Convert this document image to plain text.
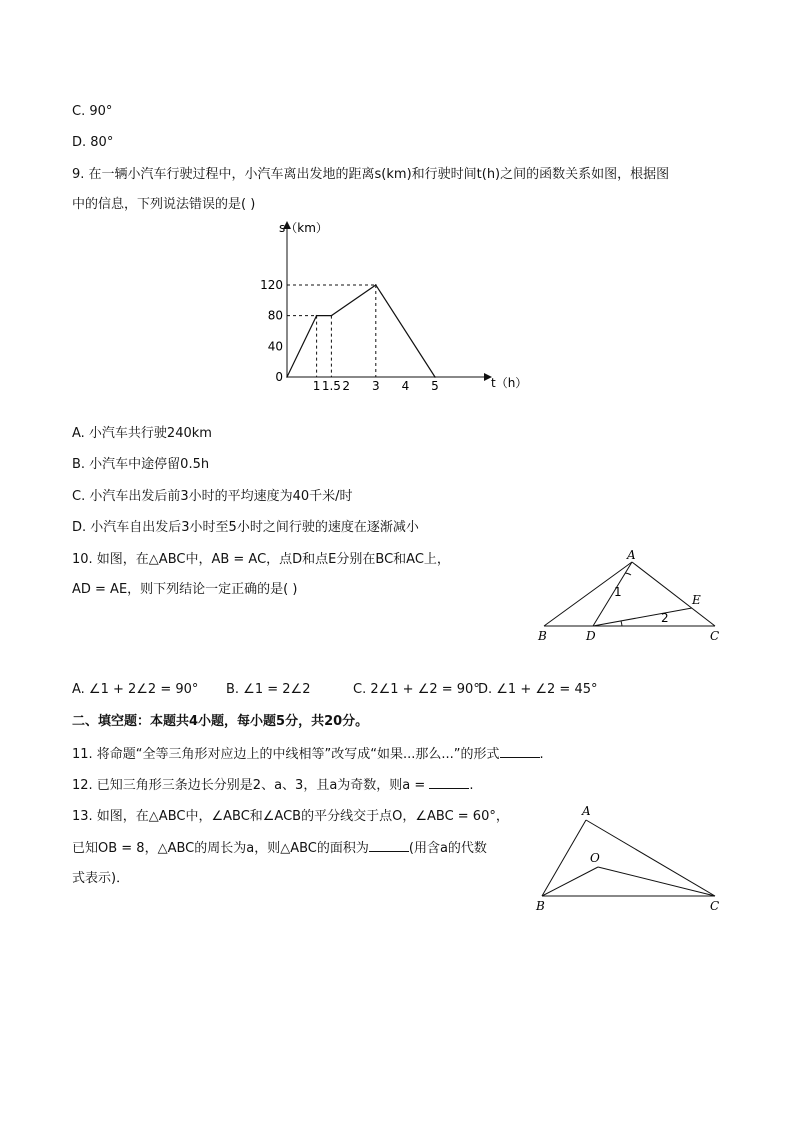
C. 90°
D. 80°
9. 在一辆小汽车行驶过程中，小汽车离出发地的距离s(km)和行驶时间t(h)之间的函数关系如图，根据图
中的信息，下列说法错误的是( )
s（km）
t（h）
0
40
80
120
1 1.5 2 3 4 5
A. 小汽车共行驶240km
B. 小汽车中途停留0.5h
C. 小汽车出发后前3小时的平均速度为40千米/时
D. 小汽车自出发后3小时至5小时之间行驶的速度在逐渐减小
10. 如图，在△ABC中，AB = AC，点D和点E分别在BC和AC上，
AD = AE，则下列结论一定正确的是( )
A
B	C
D
E
1
2
A. ∠1 + 2∠2 = 90° B. ∠1 = 2∠2	C. 2∠1 + ∠2 = 90°
D. ∠1 + ∠2 = 45°
二、填空题：本题共4小题，每小题5分，共20分。
11. 将命题“全等三角形对应边上的中线相等”改写成“如果...那么...”的形式	.
12. 已知三角形三条边长分别是2、a、3，且a为奇数，则a =	.
13. 如图，在△ABC中，∠ABC和∠ACB的平分线交于点O，∠ABC = 60°，
已知OB = 8，△ABC的周长为a，则△ABC的面积为	(用含a的代数
式表示)．
A
B	C
O
